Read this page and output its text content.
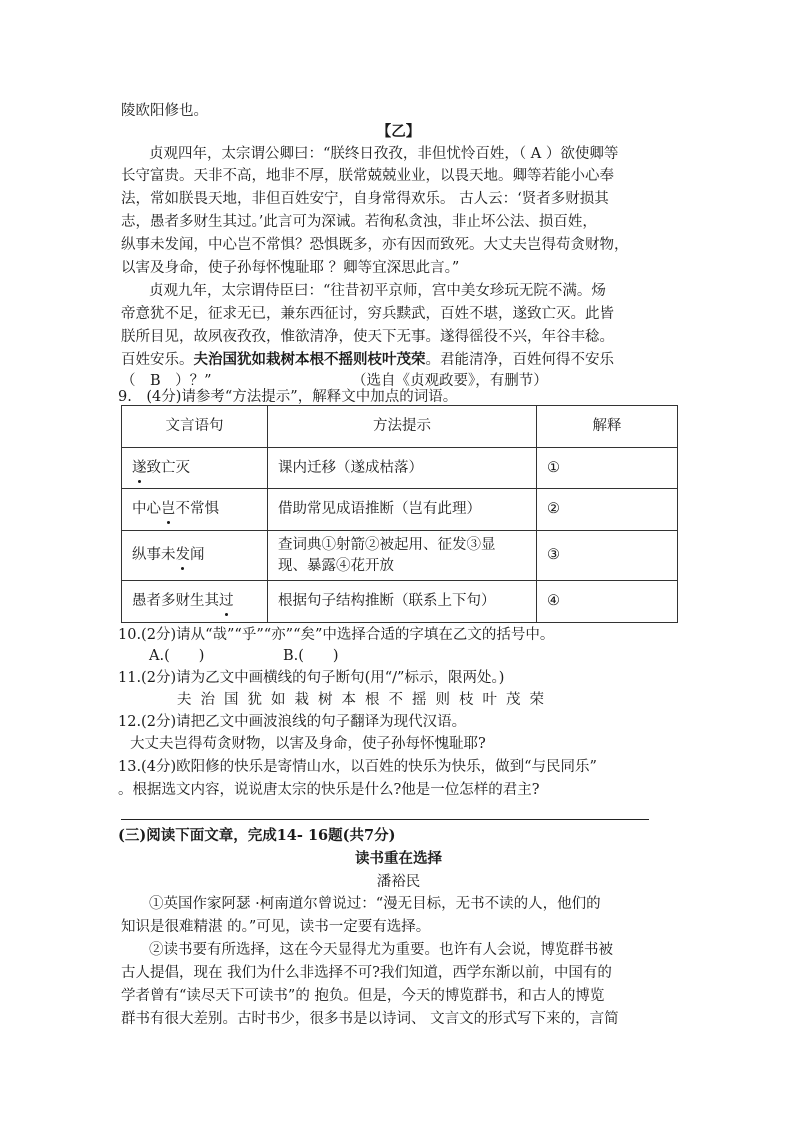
陵欧阳修也。
【乙】
贞观四年，太宗谓公卿曰：“朕终日孜孜，非但忧怜百姓，（ A ）欲使卿等
长守富贵。天非不高，地非不厚，朕常兢兢业业，以畏天地。卿等若能小心奉
法，常如朕畏天地，非但百姓安宁，自身常得欢乐。 古人云：‘贤者多财损其
志，愚者多财生其过。’此言可为深诫。若徇私贪浊，非止坏公法、损百姓，
纵事未发闻，中心岂不常惧？恐惧既多，亦有因而致死。大丈夫岂得苟贪财物，
以害及身命，使子孙每怀愧耻耶 ？卿等宜深思此言。”
贞观九年，太宗谓侍臣曰：“往昔初平京师，宫中美女珍玩无院不满。炀
帝意犹不足，征求无已，兼东西征讨，穷兵黩武，百姓不堪，遂致亡灭。此皆
朕所目见，故夙夜孜孜，惟欲清净，使天下无事。遂得徭役不兴，年谷丰稔。
百姓安乐。夫治国犹如栽树本根不摇则枝叶茂荣。君能清净，百姓何得不安乐
（　B　）？”	（选自《贞观政要》，有删节）
9.　(4分)请参考“方法提示”，解释文中加点的词语。
文言语句	方法提示	解释
遂致亡灭	课内迁移（遂成枯落）	①
中心岂不常惧	借助常见成语推断（岂有此理）	②
纵事未发闻	查词典①射箭②被起用、征发③显
现、暴露④花开放	③
愚者多财生其过	根据句子结构推断（联系上下句）	④
10.(2分)请从“哉”“乎”“亦”“矣”中选择合适的字填在乙文的括号中。
A.(　　)	B.(　　)
11.(2分)请为乙文中画横线的句子断句(用“/”标示，限两处。)
夫治国犹如栽树本根不摇则枝叶茂荣
12.(2分)请把乙文中画波浪线的句子翻译为现代汉语。
大丈夫岂得苟贪财物，以害及身命，使子孙每怀愧耻耶?
13.(4分)欧阳修的快乐是寄情山水，以百姓的快乐为快乐，做到“与民同乐”
。根据选文内容，说说唐太宗的快乐是什么?他是一位怎样的君主?
(三)阅读下面文章，完成14- 16题(共7分)
读书重在选择
潘裕民
①英国作家阿瑟 ·柯南道尔曾说过：“漫无目标，无书不读的人，他们的
知识是很难精湛 的。”可见，读书一定要有选择。
②读书要有所选择，这在今天显得尤为重要。也许有人会说，博览群书被
古人提倡，现在 我们为什么非选择不可?我们知道，西学东渐以前，中国有的
学者曾有“读尽天下可读书”的 抱负。但是，今天的博览群书，和古人的博览
群书有很大差别。古时书少，很多书是以诗词、 文言文的形式写下来的，言简
